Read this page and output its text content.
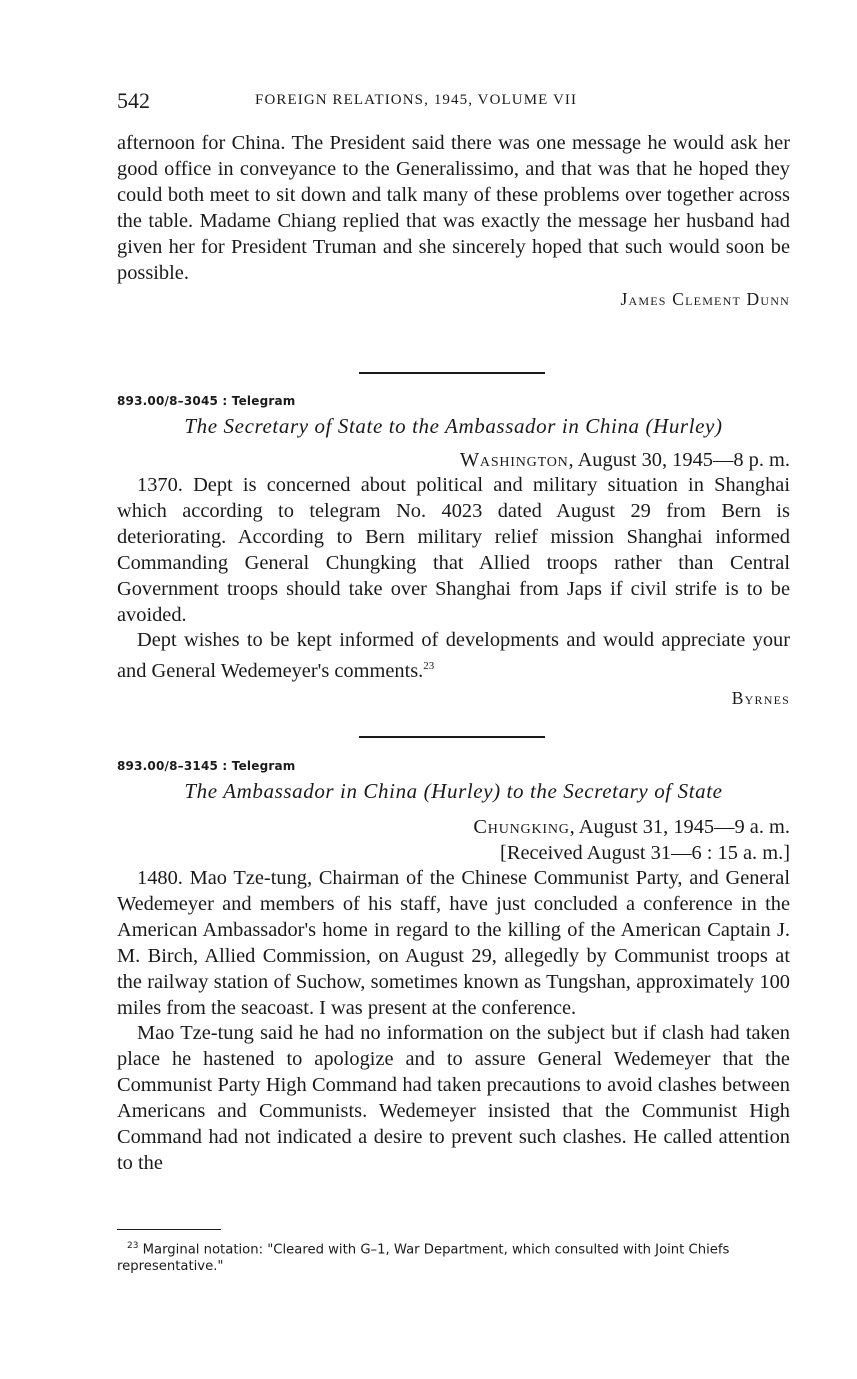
542	FOREIGN RELATIONS, 1945, VOLUME VII

afternoon for China. The President said there was one message he would ask her good office in conveyance to the Generalissimo, and that was that he hoped they could both meet to sit down and talk many of these problems over together across the table. Madame Chiang replied that was exactly the message her husband had given her for President Truman and she sincerely hoped that such would soon be possible.

James Clement Dunn
893.00/8–3045 : Telegram
The Secretary of State to the Ambassador in China (Hurley)
Washington, August 30, 1945—8 p. m.

1370. Dept is concerned about political and military situation in Shanghai which according to telegram No. 4023 dated August 29 from Bern is deteriorating. According to Bern military relief mission Shanghai informed Commanding General Chungking that Allied troops rather than Central Government troops should take over Shanghai from Japs if civil strife is to be avoided.

Dept wishes to be kept informed of developments and would appreciate your and General Wedemeyer's comments.$^{23}$

Byrnes
893.00/8–3145 : Telegram
The Ambassador in China (Hurley) to the Secretary of State
Chungking, August 31, 1945—9 a. m.
[Received August 31—6 : 15 a. m.]

1480. Mao Tze-tung, Chairman of the Chinese Communist Party, and General Wedemeyer and members of his staff, have just concluded a conference in the American Ambassador's home in regard to the killing of the American Captain J. M. Birch, Allied Commission, on August 29, allegedly by Communist troops at the railway station of Suchow, sometimes known as Tungshan, approximately 100 miles from the seacoast. I was present at the conference.

Mao Tze-tung said he had no information on the subject but if clash had taken place he hastened to apologize and to assure General Wedemeyer that the Communist Party High Command had taken precautions to avoid clashes between Americans and Communists. Wedemeyer insisted that the Communist High Command had not indicated a desire to prevent such clashes. He called attention to the

$^{23}$ Marginal notation: "Cleared with G–1, War Department, which consulted with Joint Chiefs representative."
